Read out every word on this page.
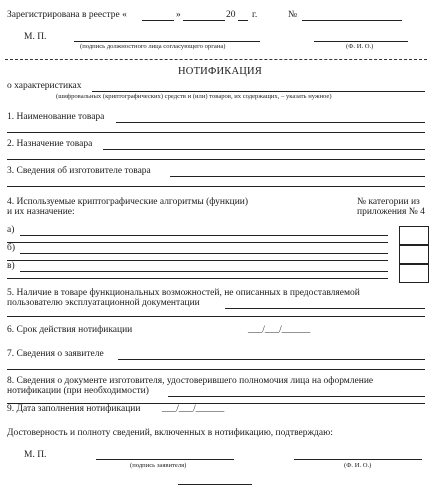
Зарегистрирована в реестре «	»	20 г.	№
М. П.
(подпись должностного лица согласующего органа)	(Ф. И. О.)
НОТИФИКАЦИЯ
о характеристиках
(шифровальных (криптографических) средств и (или) товаров, их содержащих, – указать нужное)
1. Наименование товара
2. Назначение товара
3. Сведения об изготовителе товара
4. Используемые криптографические алгоритмы (функции)
и их назначение:
№ категории из
приложения № 4
а)
б)
в)
5. Наличие в товаре функциональных возможностей, не описанных в предоставляемой
пользователю эксплуатационной документации
6. Срок действия нотификации	___/___/______
7. Сведения о заявителе
8. Сведения о документе изготовителя, удостоверившего полномочия лица на оформление
нотификации (при необходимости)
9. Дата заполнения нотификации ___/___/______
Достоверность и полноту сведений, включенных в нотификацию, подтверждаю:
М. П.
(подпись заявителя)	(Ф. И. О.)
